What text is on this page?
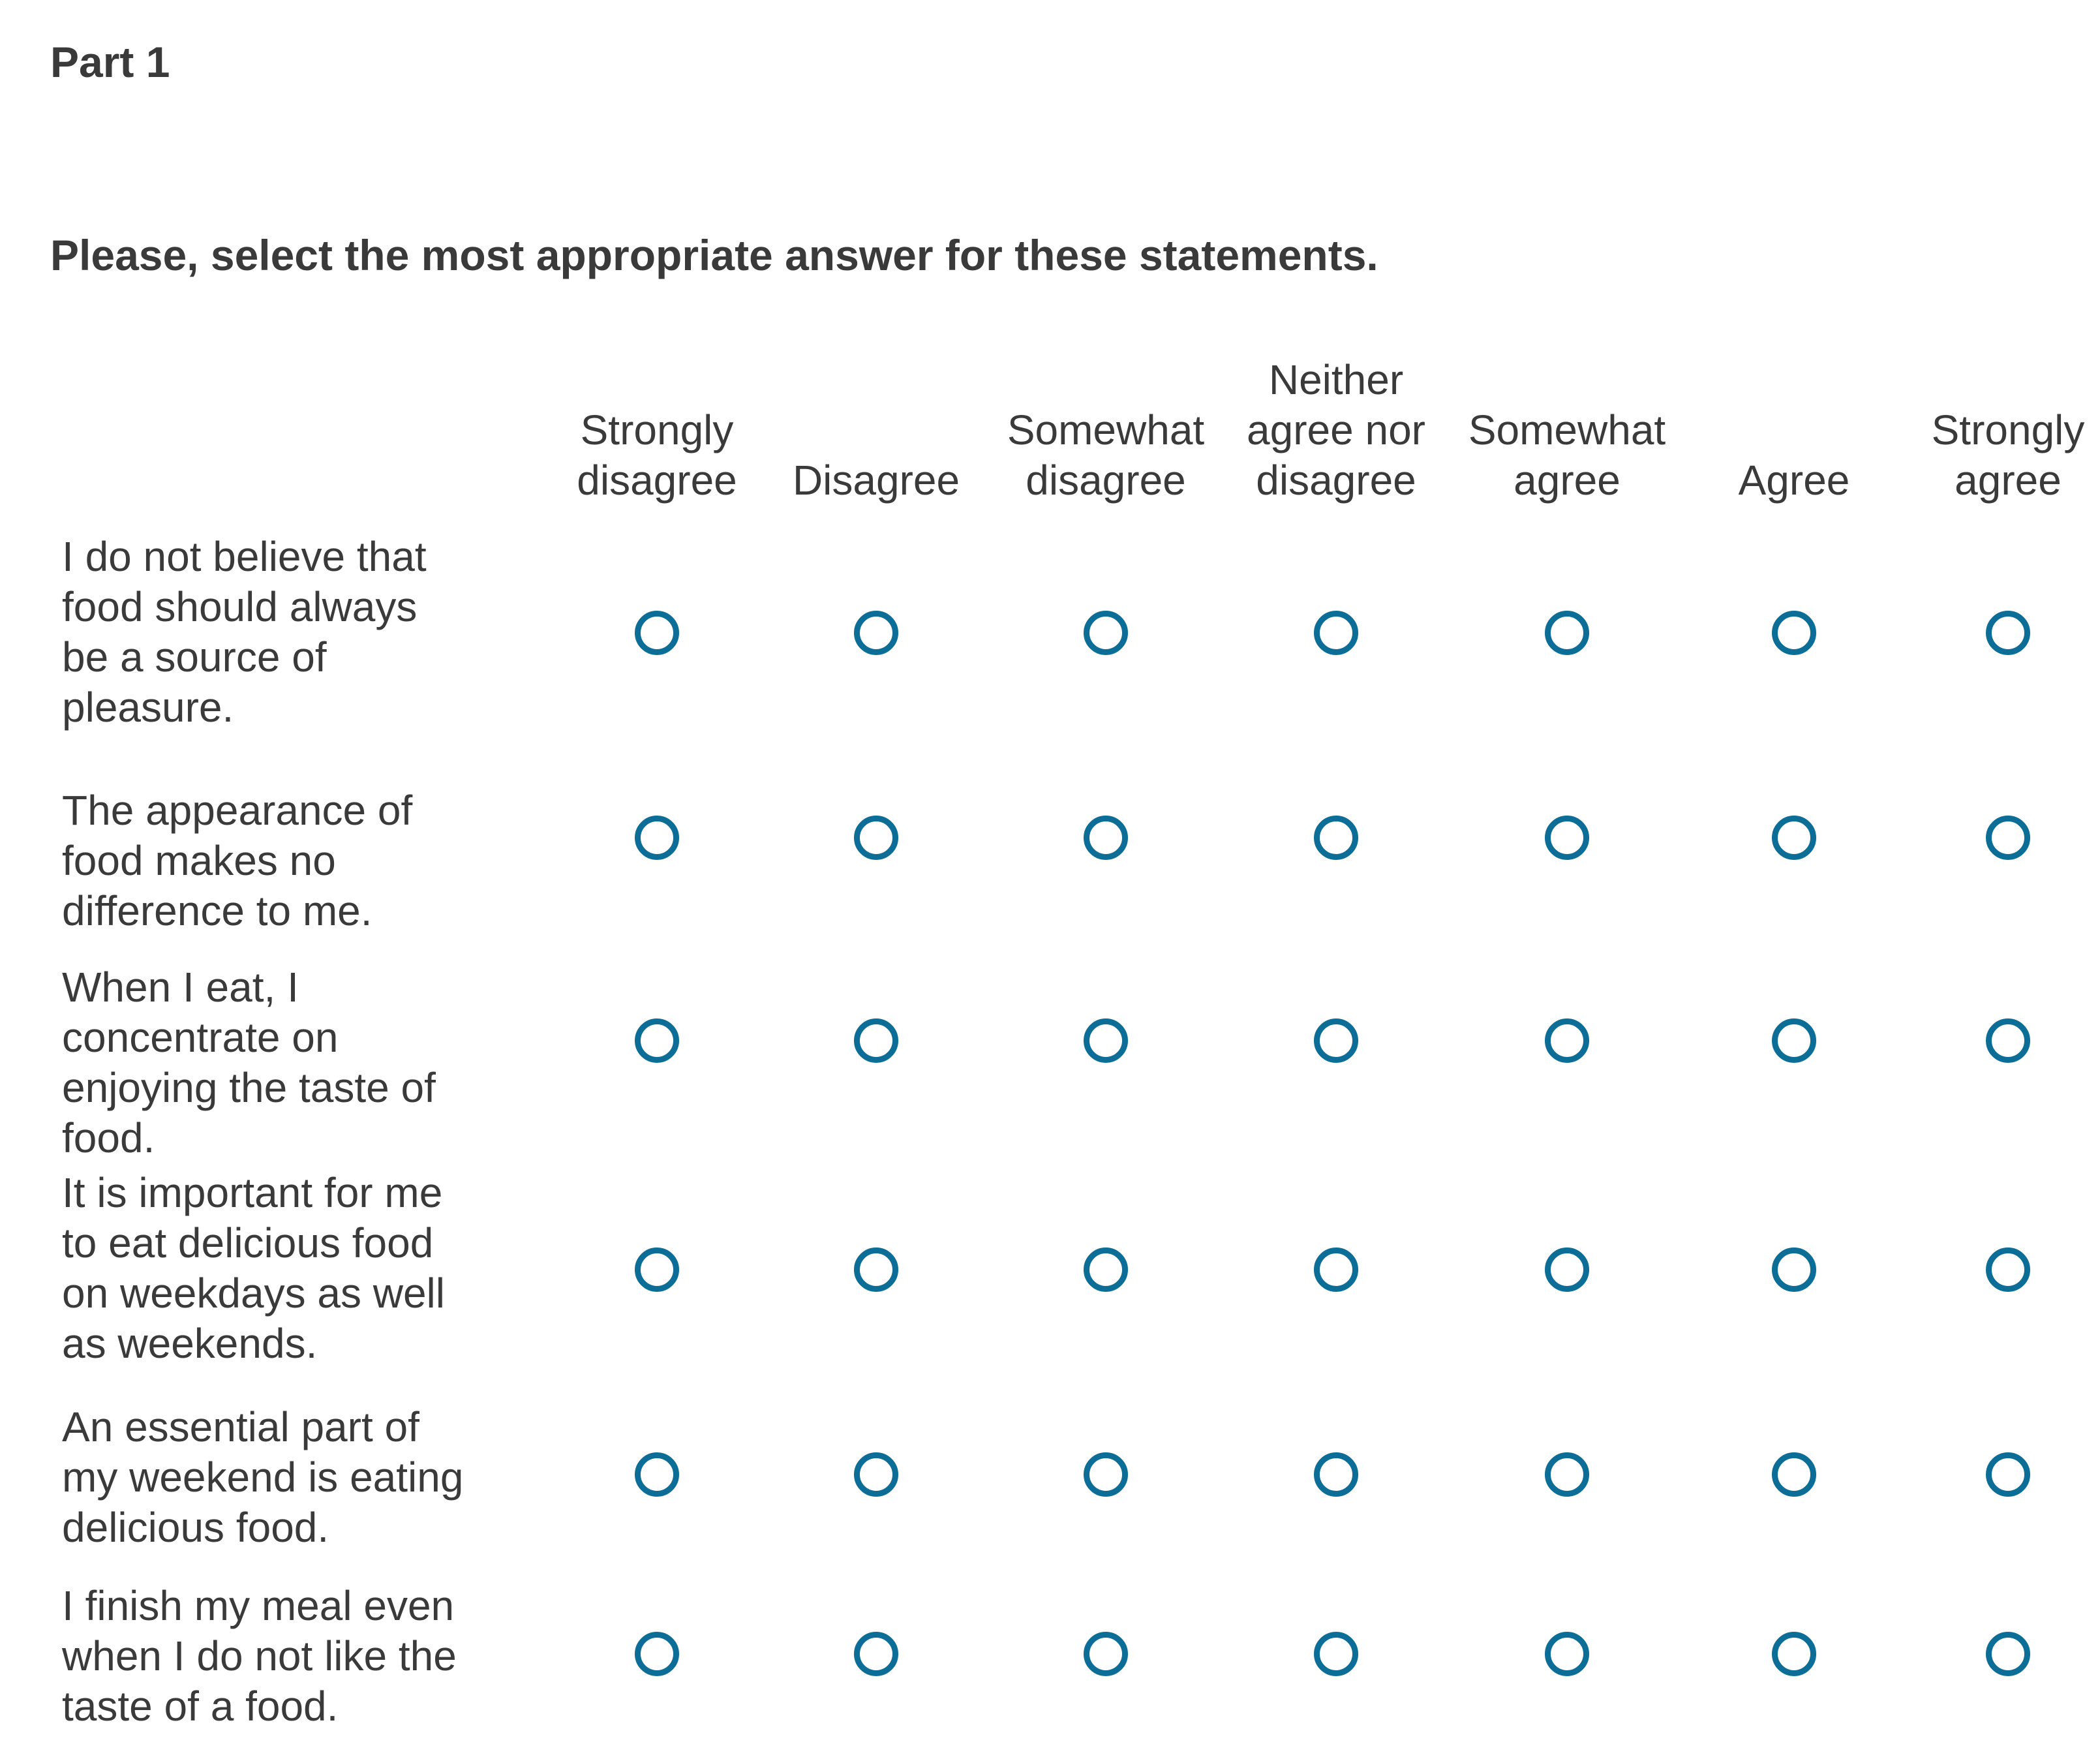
Part 1
Please, select the most appropriate answer for these statements.
Strongly
disagree	Disagree
Somewhat
disagree
Neither
agree nor
disagree
Somewhat
agree	Agree
Strongly
agree
I do not believe that
food should always
be a source of
pleasure.
The appearance of
food makes no
difference to me.
When I eat, I
concentrate on
enjoying the taste of
food.
It is important for me
to eat delicious food
on weekdays as well
as weekends.
An essential part of
my weekend is eating
delicious food.
I finish my meal even
when I do not like the
taste of a food.
